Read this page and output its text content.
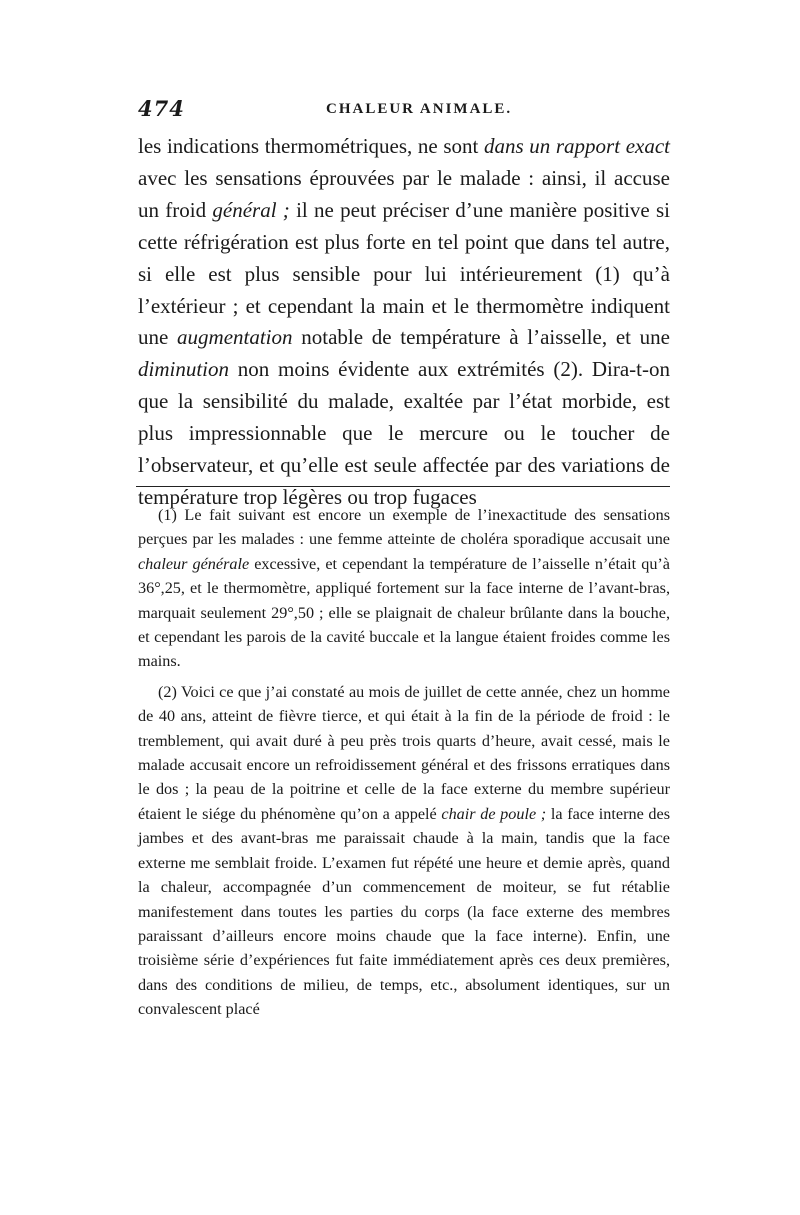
474	CHALEUR ANIMALE.

les indications thermométriques, ne sont dans un rapport exact avec les sensations éprouvées par le malade : ainsi, il accuse un froid général ; il ne peut préciser d’une manière positive si cette réfrigération est plus forte en tel point que dans tel autre, si elle est plus sensible pour lui intérieurement (1) qu’à l’extérieur ; et cependant la main et le thermomètre indiquent une augmentation notable de température à l’aisselle, et une diminution non moins évidente aux extrémités (2). Dira-t-on que la sensibilité du malade, exaltée par l’état morbide, est plus impressionnable que le mercure ou le toucher de l’observateur, et qu’elle est seule affectée par des variations de température trop légères ou trop fugaces

(1) Le fait suivant est encore un exemple de l’inexactitude des sensations perçues par les malades : une femme atteinte de choléra sporadique accusait une chaleur générale excessive, et cependant la température de l’aisselle n’était qu’à 36°,25, et le thermomètre, appliqué fortement sur la face interne de l’avant-bras, marquait seulement 29°,50 ; elle se plaignait de chaleur brûlante dans la bouche, et cependant les parois de la cavité buccale et la langue étaient froides comme les mains.

(2) Voici ce que j’ai constaté au mois de juillet de cette année, chez un homme de 40 ans, atteint de fièvre tierce, et qui était à la fin de la période de froid : le tremblement, qui avait duré à peu près trois quarts d’heure, avait cessé, mais le malade accusait encore un refroidissement général et des frissons erratiques dans le dos ; la peau de la poitrine et celle de la face externe du membre supérieur étaient le siége du phénomène qu’on a appelé chair de poule ; la face interne des jambes et des avant-bras me paraissait chaude à la main, tandis que la face externe me semblait froide. L’examen fut répété une heure et demie après, quand la chaleur, accompagnée d’un commencement de moiteur, se fut rétablie manifestement dans toutes les parties du corps (la face externe des membres paraissant d’ailleurs encore moins chaude que la face interne). Enfin, une troisième série d’expériences fut faite immédiatement après ces deux premières, dans des conditions de milieu, de temps, etc., absolument identiques, sur un convalescent placé
